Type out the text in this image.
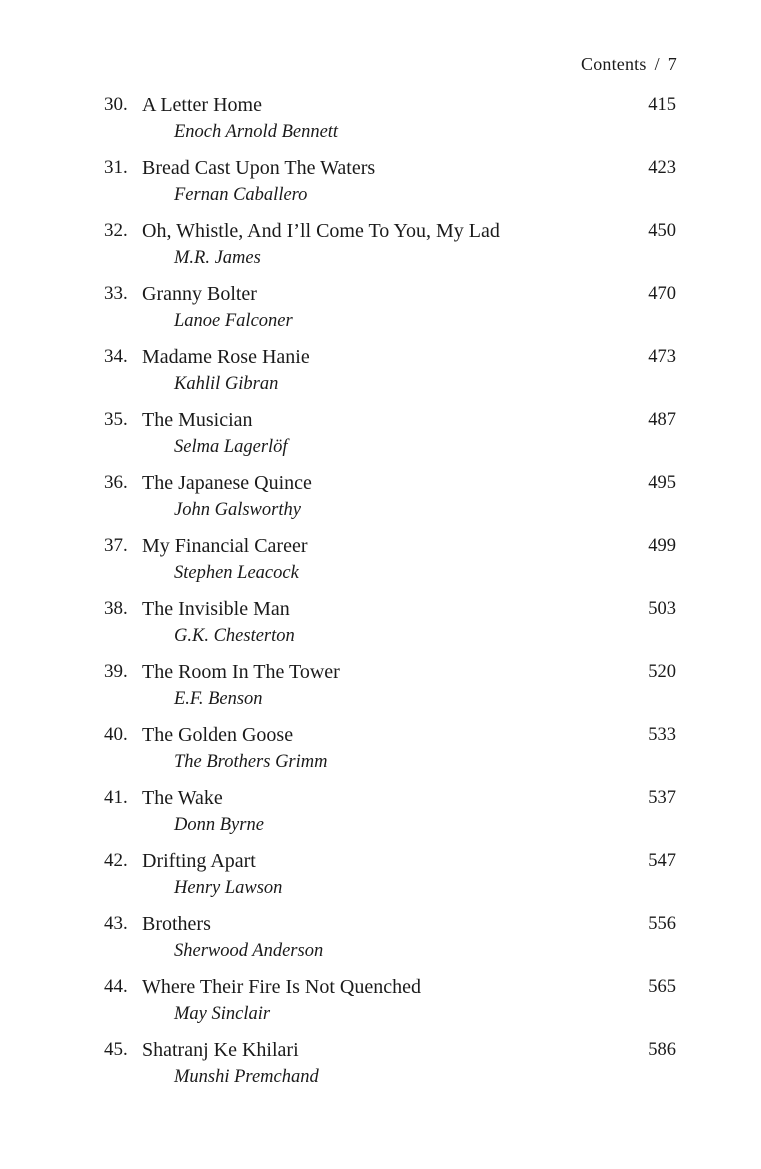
Contents / 7
30. A Letter Home
Enoch Arnold Bennett
415
31. Bread Cast Upon The Waters
Fernan Caballero
423
32. Oh, Whistle, And I’ll Come To You, My Lad
M.R. James
450
33. Granny Bolter
Lanoe Falconer
470
34. Madame Rose Hanie
Kahlil Gibran
473
35. The Musician
Selma Lagerlöf
487
36. The Japanese Quince
John Galsworthy
495
37. My Financial Career
Stephen Leacock
499
38. The Invisible Man
G.K. Chesterton
503
39. The Room In The Tower
E.F. Benson
520
40. The Golden Goose
The Brothers Grimm
533
41. The Wake
Donn Byrne
537
42. Drifting Apart
Henry Lawson
547
43. Brothers
Sherwood Anderson
556
44. Where Their Fire Is Not Quenched
May Sinclair
565
45. Shatranj Ke Khilari
Munshi Premchand
586
